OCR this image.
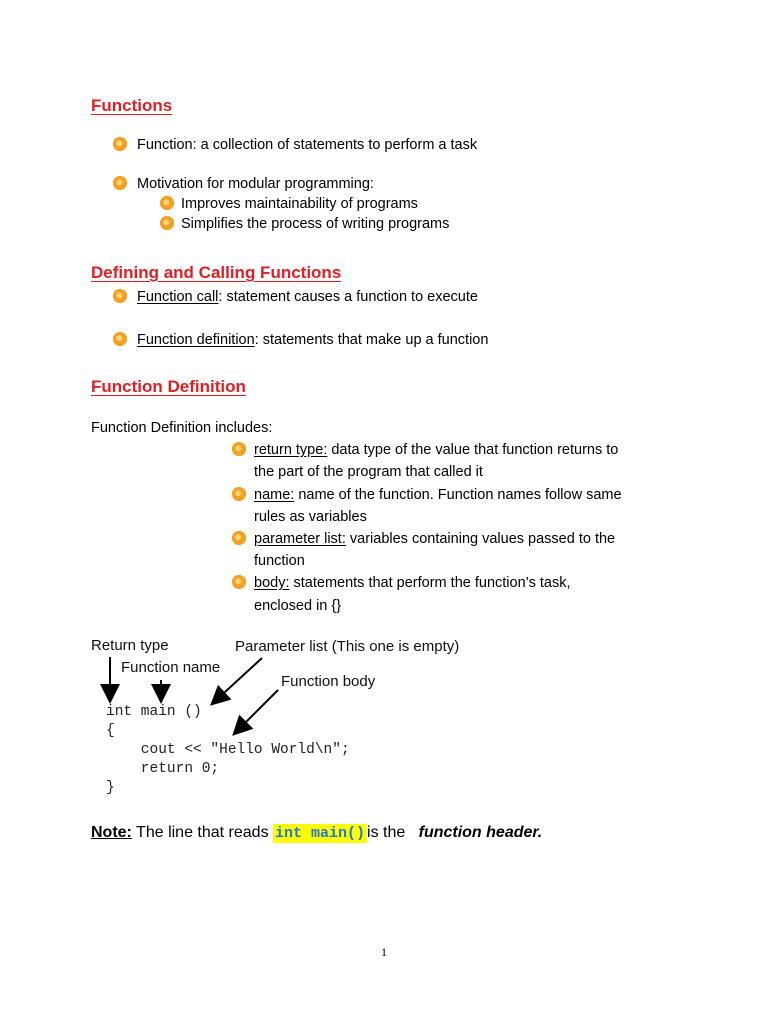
Functions
Function: a collection of statements to perform a task
Motivation for modular programming:
Improves maintainability of programs
Simplifies the process of writing programs
Defining and Calling Functions
Function call: statement causes a function to execute
Function definition: statements that make up a function
Function Definition
Function Definition includes:
return type: data type of the value that function returns to
the part of the program that called it
name: name of the function. Function names follow same
rules as variables
parameter list: variables containing values passed to the
function
body: statements that perform the function’s task,
enclosed in {}
Return type
Function name
Parameter list (This one is empty)
Function body
int main ()
{
cout << "Hello World\n";
return 0;
}
Note: The line that reads int main() is the   function header.
1
